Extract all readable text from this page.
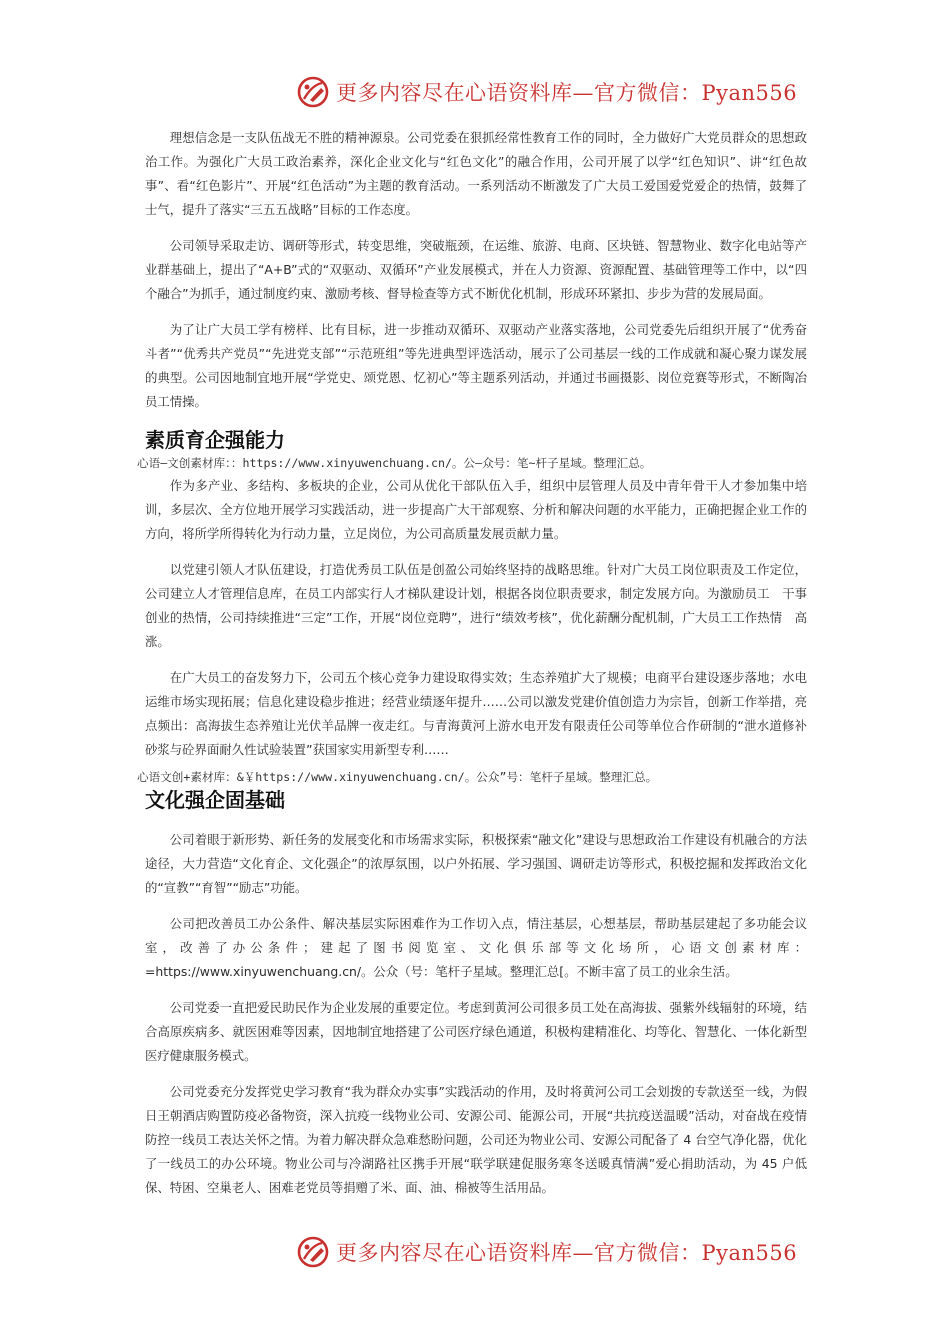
更多内容尽在心语资料库—官方微信：Pyan556

理想信念是一支队伍战无不胜的精神源泉。公司党委在狠抓经常性教育工作的同时，全力做好广大党员群众的思想政治工作。为强化广大员工政治素养，深化企业文化与“红色文化”的融合作用，公司开展了以学“红色知识”、讲“红色故事”、看“红色影片”、开展“红色活动”为主题的教育活动。一系列活动不断激发了广大员工爱国爱党爱企的热情，鼓舞了士气，提升了落实“三五五战略”目标的工作态度。

公司领导采取走访、调研等形式，转变思维，突破瓶颈，在运维、旅游、电商、区块链、智慧物业、数字化电站等产业群基础上，提出了“A+B”式的“双驱动、双循环”产业发展模式，并在人力资源、资源配置、基础管理等工作中，以“四个融合”为抓手，通过制度约束、激励考核、督导检查等方式不断优化机制，形成环环紧扣、步步为营的发展局面。

为了让广大员工学有榜样、比有目标，进一步推动双循环、双驱动产业落实落地，公司党委先后组织开展了“优秀奋斗者”“优秀共产党员”“先进党支部”“示范班组”等先进典型评选活动，展示了公司基层一线的工作成就和凝心聚力谋发展的典型。公司因地制宜地开展“学党史、颂党恩、忆初心”等主题系列活动，并通过书画摄影、岗位竞赛等形式，不断陶冶员工情操。

素质育企强能力

心语—文创素材库：：https://www.xinyuwenchuang.cn/。公—众号：笔~杆子星域。整理汇总。

作为多产业、多结构、多板块的企业，公司从优化干部队伍入手，组织中层管理人员及中青年骨干人才参加集中培训，多层次、全方位地开展学习实践活动，进一步提高广大干部观察、分析和解决问题的水平能力，正确把握企业工作的方向，将所学所得转化为行动力量，立足岗位，为公司高质量发展贡献力量。

以党建引领人才队伍建设，打造优秀员工队伍是创盈公司始终坚持的战略思维。针对广大员工岗位职责及工作定位，公司建立人才管理信息库，在员工内部实行人才梯队建设计划，根据各岗位职责要求，制定发展方向。为激励员工　干事创业的热情，公司持续推进“三定”工作，开展“岗位竞聘”，进行“绩效考核”，优化薪酬分配机制，广大员工工作热情　高涨。

在广大员工的奋发努力下，公司五个核心竞争力建设取得实效；生态养殖扩大了规模；电商平台建设逐步落地；水电运维市场实现拓展；信息化建设稳步推进；经营业绩逐年提升……公司以激发党建价值创造力为宗旨，创新工作举措，亮点频出：高海拔生态养殖让光伏羊品牌一夜走红。与青海黄河上游水电开发有限责任公司等单位合作研制的“泄水道修补砂浆与砼界面耐久性试验装置”获国家实用新型专利……

心语文创+素材库：&￥https://www.xinyuwenchuang.cn/。公众”号：笔杆子星域。整理汇总。

文化强企固基础

公司着眼于新形势、新任务的发展变化和市场需求实际，积极探索“融文化”建设与思想政治工作建设有机融合的方法途径，大力营造“文化育企、文化强企”的浓厚氛围，以户外拓展、学习强国、调研走访等形式，积极挖掘和发挥政治文化的“宣教”“育智”“励志”功能。

公司把改善员工办公条件、解决基层实际困难作为工作切入点，情注基层，心想基层，帮助基层建起了多功能会议室，改善了办公条件；建起了图书阅览室、文化俱乐部等文化场所，心语文创素材库：=https://www.xinyuwenchuang.cn/。公众（号：笔杆子星域。整理汇总[。不断丰富了员工的业余生活。

公司党委一直把爱民助民作为企业发展的重要定位。考虑到黄河公司很多员工处在高海拔、强紫外线辐射的环境，结合高原疾病多、就医困难等因素，因地制宜地搭建了公司医疗绿色通道，积极构建精准化、均等化、智慧化、一体化新型医疗健康服务模式。

公司党委充分发挥党史学习教育“我为群众办实事”实践活动的作用，及时将黄河公司工会划拨的专款送至一线，为假日王朝酒店购置防疫必备物资，深入抗疫一线物业公司、安源公司、能源公司，开展“共抗疫送温暖”活动，对奋战在疫情防控一线员工表达关怀之情。为着力解决群众急难愁盼问题，公司还为物业公司、安源公司配备了 4 台空气净化器，优化了一线员工的办公环境。物业公司与冷湖路社区携手开展“联学联建促服务寒冬送暖真情满”爱心捐助活动，为 45 户低保、特困、空巢老人、困难老党员等捐赠了米、面、油、棉被等生活用品。

更多内容尽在心语资料库—官方微信：Pyan556
